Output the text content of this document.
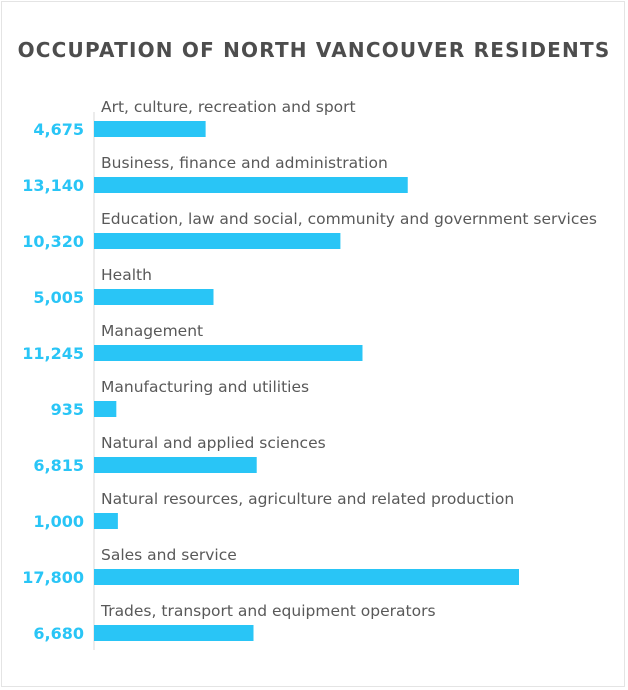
OCCUPATION OF NORTH VANCOUVER RESIDENTS
Art, culture, recreation and sport
4,675
Business, finance and administration
13,140
Education, law and social, community and government services
10,320
Health
5,005
Management
11,245
Manufacturing and utilities
935
Natural and applied sciences
6,815
Natural resources, agriculture and related production
1,000
Sales and service
17,800
Trades, transport and equipment operators
6,680
